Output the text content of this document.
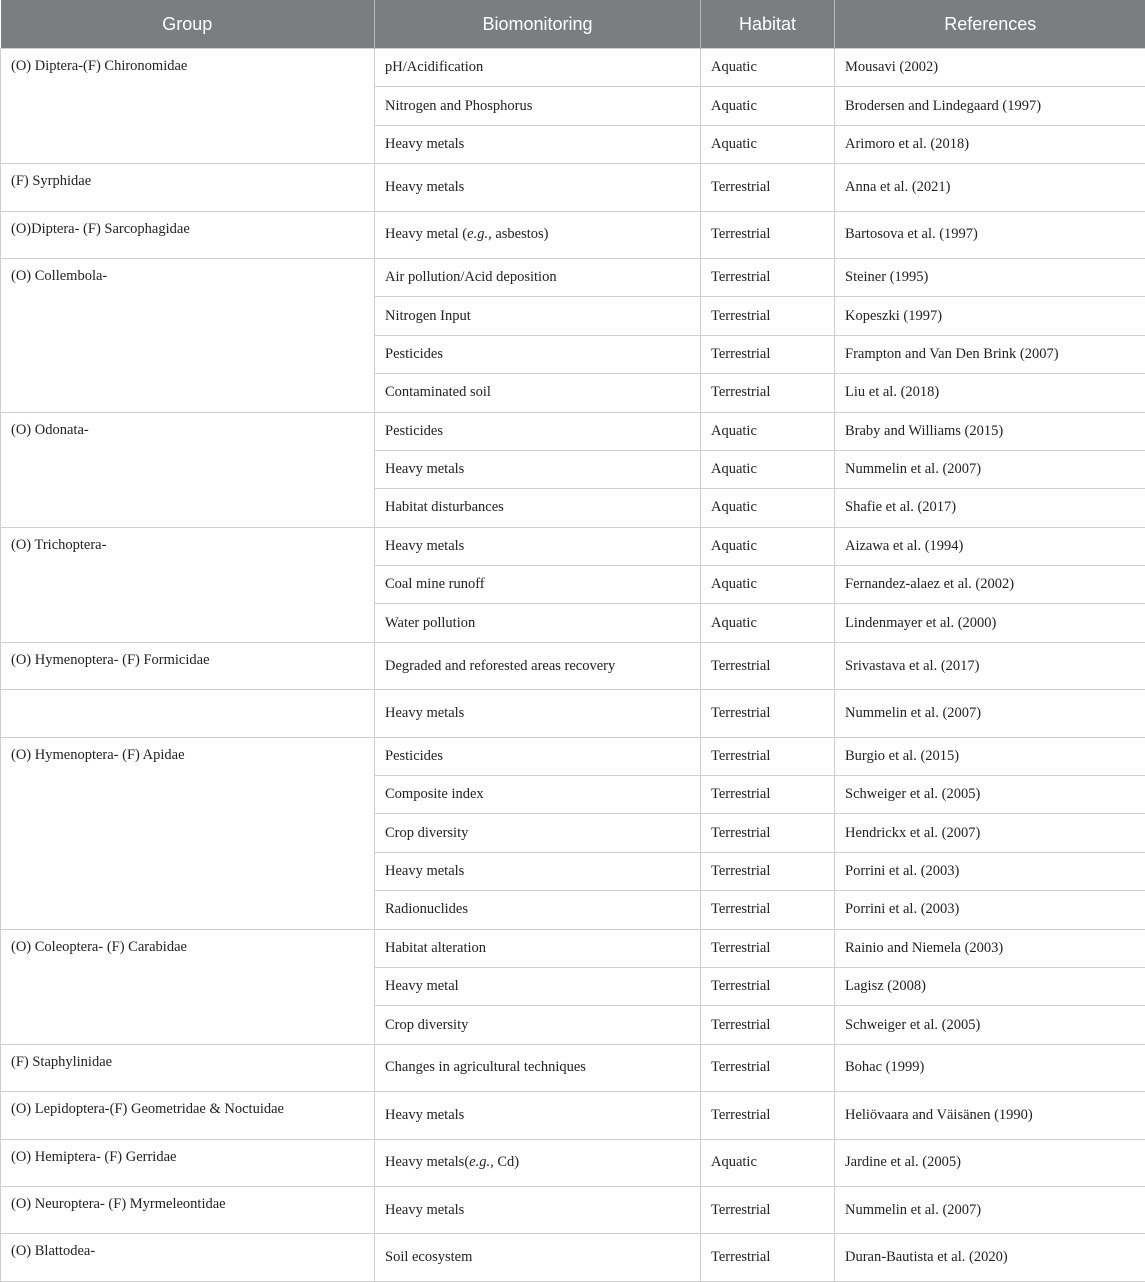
Group	Biomonitoring	Habitat	References
(O) Diptera-(F) Chironomidae	pH/Acidification	Aquatic	Mousavi (2002)
	Nitrogen and Phosphorus	Aquatic	Brodersen and Lindegaard (1997)
	Heavy metals	Aquatic	Arimoro et al. (2018)
(F) Syrphidae	Heavy metals	Terrestrial	Anna et al. (2021)
(O)Diptera- (F) Sarcophagidae	Heavy metal (e.g., asbestos)	Terrestrial	Bartosova et al. (1997)
(O) Collembola-	Air pollution/Acid deposition	Terrestrial	Steiner (1995)
	Nitrogen Input	Terrestrial	Kopeszki (1997)
	Pesticides	Terrestrial	Frampton and Van Den Brink (2007)
	Contaminated soil	Terrestrial	Liu et al. (2018)
(O) Odonata-	Pesticides	Aquatic	Braby and Williams (2015)
	Heavy metals	Aquatic	Nummelin et al. (2007)
	Habitat disturbances	Aquatic	Shafie et al. (2017)
(O) Trichoptera-	Heavy metals	Aquatic	Aizawa et al. (1994)
	Coal mine runoff	Aquatic	Fernandez-alaez et al. (2002)
	Water pollution	Aquatic	Lindenmayer et al. (2000)
(O) Hymenoptera- (F) Formicidae	Degraded and reforested areas recovery	Terrestrial	Srivastava et al. (2017)
	Heavy metals	Terrestrial	Nummelin et al. (2007)
(O) Hymenoptera- (F) Apidae	Pesticides	Terrestrial	Burgio et al. (2015)
	Composite index	Terrestrial	Schweiger et al. (2005)
	Crop diversity	Terrestrial	Hendrickx et al. (2007)
	Heavy metals	Terrestrial	Porrini et al. (2003)
	Radionuclides	Terrestrial	Porrini et al. (2003)
(O) Coleoptera- (F) Carabidae	Habitat alteration	Terrestrial	Rainio and Niemela (2003)
	Heavy metal	Terrestrial	Lagisz (2008)
	Crop diversity	Terrestrial	Schweiger et al. (2005)
(F) Staphylinidae	Changes in agricultural techniques	Terrestrial	Bohac (1999)
(O) Lepidoptera-(F) Geometridae & Noctuidae	Heavy metals	Terrestrial	Heliövaara and Väisänen (1990)
(O) Hemiptera- (F) Gerridae	Heavy metals(e.g., Cd)	Aquatic	Jardine et al. (2005)
(O) Neuroptera- (F) Myrmeleontidae	Heavy metals	Terrestrial	Nummelin et al. (2007)
(O) Blattodea-	Soil ecosystem	Terrestrial	Duran-Bautista et al. (2020)
